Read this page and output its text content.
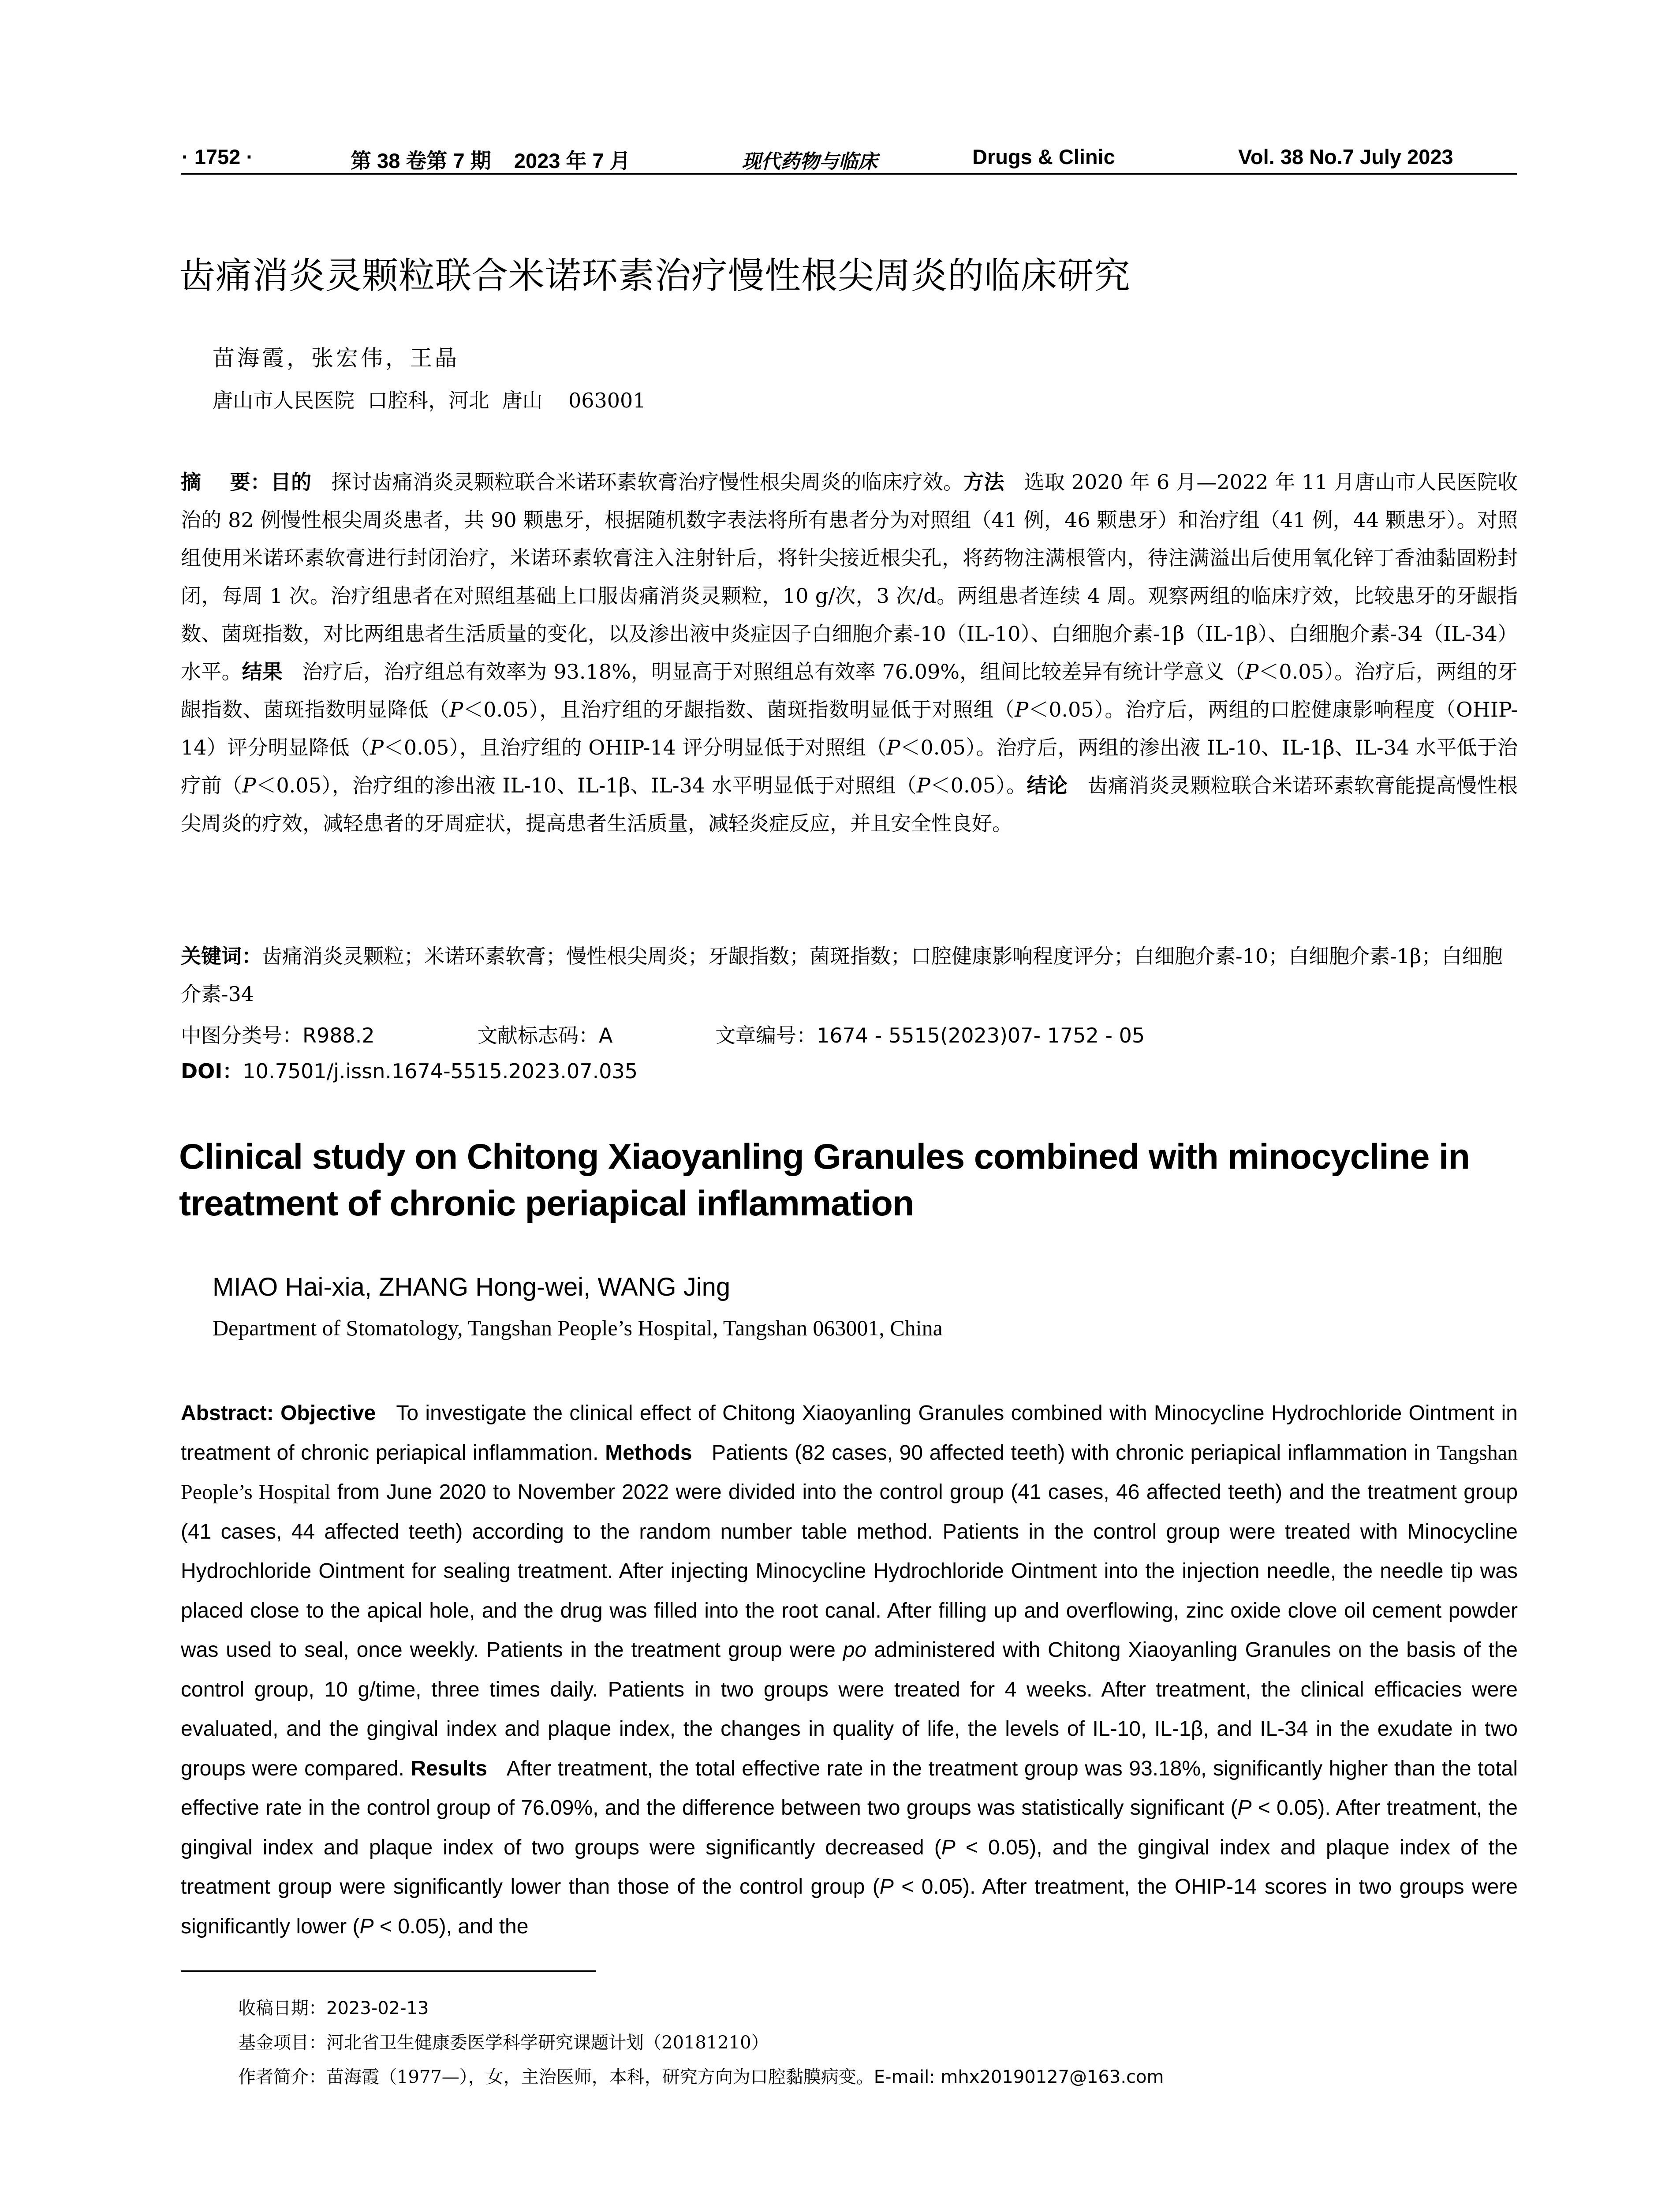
· 1752 ·	第 38 卷第 7 期    2023 年 7 月	现代药物与临床	Drugs & Clinic	Vol. 38 No.7 July 2023
齿痛消炎灵颗粒联合米诺环素治疗慢性根尖周炎的临床研究
苗海霞，张宏伟，王晶
唐山市人民医院  口腔科，河北  唐山    063001
摘    要：目的 探讨齿痛消炎灵颗粒联合米诺环素软膏治疗慢性根尖周炎的临床疗效。方法 选取 2020 年 6 月—2022 年 11 月唐山市人民医院收治的 82 例慢性根尖周炎患者，共 90 颗患牙，根据随机数字表法将所有患者分为对照组（41 例，46 颗患牙）和治疗组（41 例，44 颗患牙）。对照组使用米诺环素软膏进行封闭治疗，米诺环素软膏注入注射针后，将针尖接近根尖孔，将药物注满根管内，待注满溢出后使用氧化锌丁香油黏固粉封闭，每周 1 次。治疗组患者在对照组基础上口服齿痛消炎灵颗粒，10 g/次，3 次/d。两组患者连续 4 周。观察两组的临床疗效，比较患牙的牙龈指数、菌斑指数，对比两组患者生活质量的变化，以及渗出液中炎症因子白细胞介素-10（IL-10）、白细胞介素-1β（IL-1β）、白细胞介素-34（IL-34）水平。结果 治疗后，治疗组总有效率为 93.18%，明显高于对照组总有效率 76.09%，组间比较差异有统计学意义（P＜0.05）。治疗后，两组的牙龈指数、菌斑指数明显降低（P＜0.05），且治疗组的牙龈指数、菌斑指数明显低于对照组（P＜0.05）。治疗后，两组的口腔健康影响程度（OHIP-14）评分明显降低（P＜0.05），且治疗组的 OHIP-14 评分明显低于对照组（P＜0.05）。治疗后，两组的渗出液 IL-10、IL-1β、IL-34 水平低于治疗前（P＜0.05），治疗组的渗出液 IL-10、IL-1β、IL-34 水平明显低于对照组（P＜0.05）。结论 齿痛消炎灵颗粒联合米诺环素软膏能提高慢性根尖周炎的疗效，减轻患者的牙周症状，提高患者生活质量，减轻炎症反应，并且安全性良好。
关键词：齿痛消炎灵颗粒；米诺环素软膏；慢性根尖周炎；牙龈指数；菌斑指数；口腔健康影响程度评分；白细胞介素-10；白细胞介素-1β；白细胞介素-34
中图分类号：R988.2	文献标志码：A	文章编号：1674 - 5515(2023)07- 1752 - 05
DOI：10.7501/j.issn.1674-5515.2023.07.035
Clinical study on Chitong Xiaoyanling Granules combined with minocycline in treatment of chronic periapical inflammation
MIAO Hai-xia, ZHANG Hong-wei, WANG Jing
Department of Stomatology, Tangshan People’s Hospital, Tangshan 063001, China
Abstract: Objective To investigate the clinical effect of Chitong Xiaoyanling Granules combined with Minocycline Hydrochloride Ointment in treatment of chronic periapical inflammation. Methods Patients (82 cases, 90 affected teeth) with chronic periapical inflammation in Tangshan People’s Hospital from June 2020 to November 2022 were divided into the control group (41 cases, 46 affected teeth) and the treatment group (41 cases, 44 affected teeth) according to the random number table method. Patients in the control group were treated with Minocycline Hydrochloride Ointment for sealing treatment. After injecting Minocycline Hydrochloride Ointment into the injection needle, the needle tip was placed close to the apical hole, and the drug was filled into the root canal. After filling up and overflowing, zinc oxide clove oil cement powder was used to seal, once weekly. Patients in the treatment group were po administered with Chitong Xiaoyanling Granules on the basis of the control group, 10 g/time, three times daily. Patients in two groups were treated for 4 weeks. After treatment, the clinical efficacies were evaluated, and the gingival index and plaque index, the changes in quality of life, the levels of IL-10, IL-1β, and IL-34 in the exudate in two groups were compared. Results After treatment, the total effective rate in the treatment group was 93.18%, significantly higher than the total effective rate in the control group of 76.09%, and the difference between two groups was statistically significant (P < 0.05). After treatment, the gingival index and plaque index of two groups were significantly decreased (P < 0.05), and the gingival index and plaque index of the treatment group were significantly lower than those of the control group (P < 0.05). After treatment, the OHIP-14 scores in two groups were significantly lower (P < 0.05), and the
收稿日期：2023-02-13
基金项目：河北省卫生健康委医学科学研究课题计划（20181210）
作者简介：苗海霞（1977—），女，主治医师，本科，研究方向为口腔黏膜病变。E-mail: mhx20190127@163.com
